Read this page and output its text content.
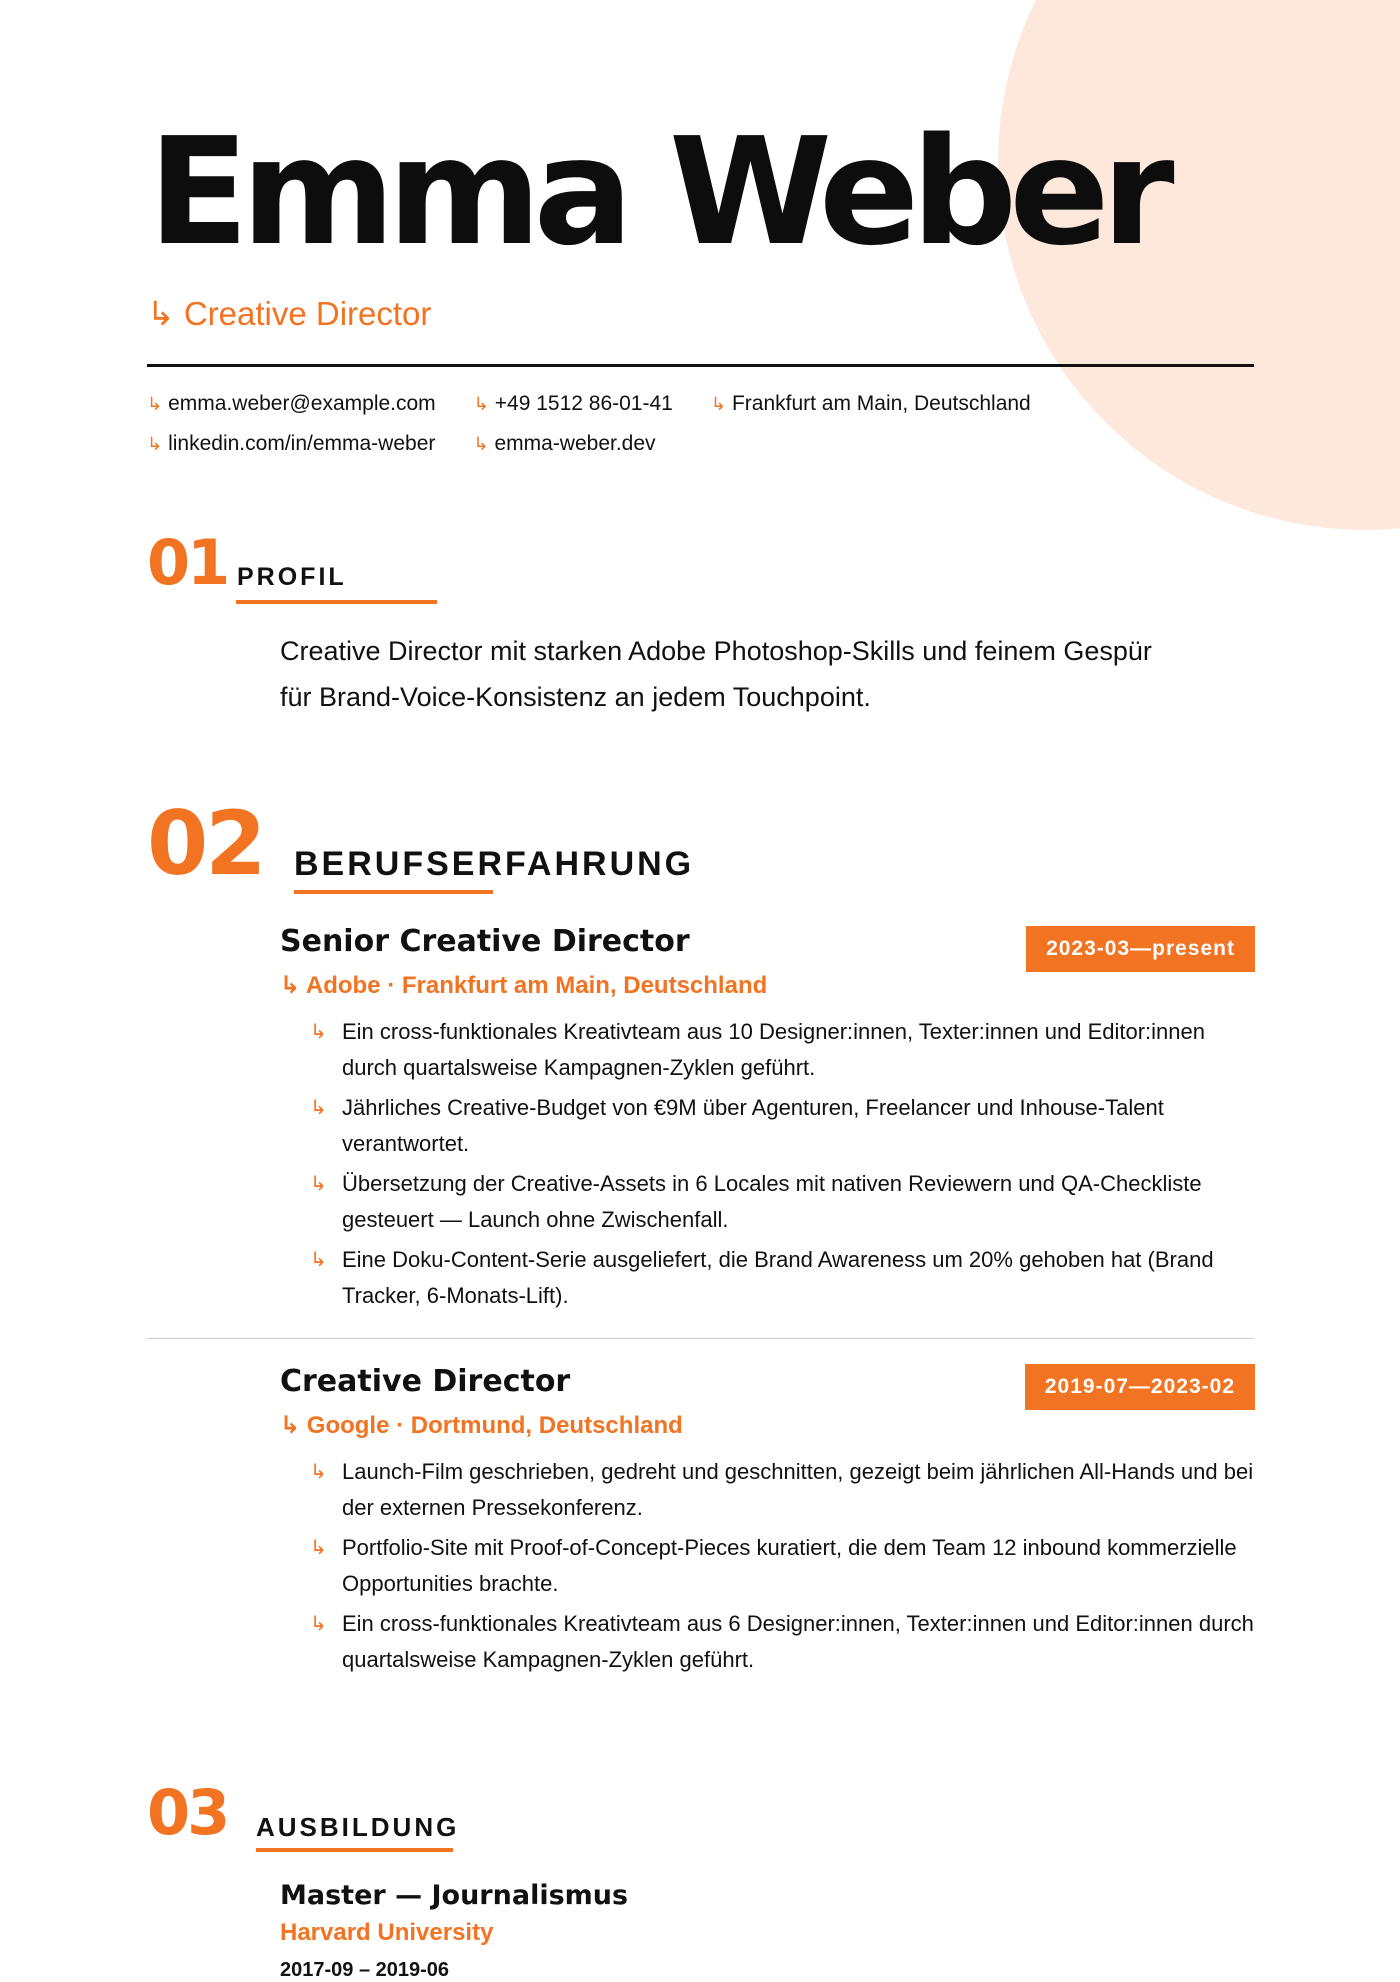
Emma Weber
↳ Creative Director
↳ emma.weber@example.com ↳ +49 1512 86-01-41 ↳ Frankfurt am Main, Deutschland
↳ linkedin.com/in/emma-weber ↳ emma-weber.dev
01 PROFIL

Creative Director mit starken Adobe Photoshop-Skills und feinem Gespür für Brand-Voice-Konsistenz an jedem Touchpoint.

02 BERUFSERFAHRUNG
2023-03—present
Senior Creative Director
↳ Adobe · Frankfurt am Main, Deutschland
↳ Ein cross-funktionales Kreativteam aus 10 Designer:innen, Texter:innen und Editor:innen durch quartalsweise Kampagnen-Zyklen geführt.
↳ Jährliches Creative-Budget von €9M über Agenturen, Freelancer und Inhouse-Talent verantwortet.
↳ Übersetzung der Creative-Assets in 6 Locales mit nativen Reviewern und QA-Checkliste gesteuert — Launch ohne Zwischenfall.
↳ Eine Doku-Content-Serie ausgeliefert, die Brand Awareness um 20% gehoben hat (Brand Tracker, 6-Monats-Lift).
2019-07—2023-02
Creative Director
↳ Google · Dortmund, Deutschland
↳ Launch-Film geschrieben, gedreht und geschnitten, gezeigt beim jährlichen All-Hands und bei der externen Pressekonferenz.
↳ Portfolio-Site mit Proof-of-Concept-Pieces kuratiert, die dem Team 12 inbound kommerzielle Opportunities brachte.
↳ Ein cross-funktionales Kreativteam aus 6 Designer:innen, Texter:innen und Editor:innen durch quartalsweise Kampagnen-Zyklen geführt.
03 AUSBILDUNG
Master — Journalismus
Harvard University
2017-09 – 2019-06
